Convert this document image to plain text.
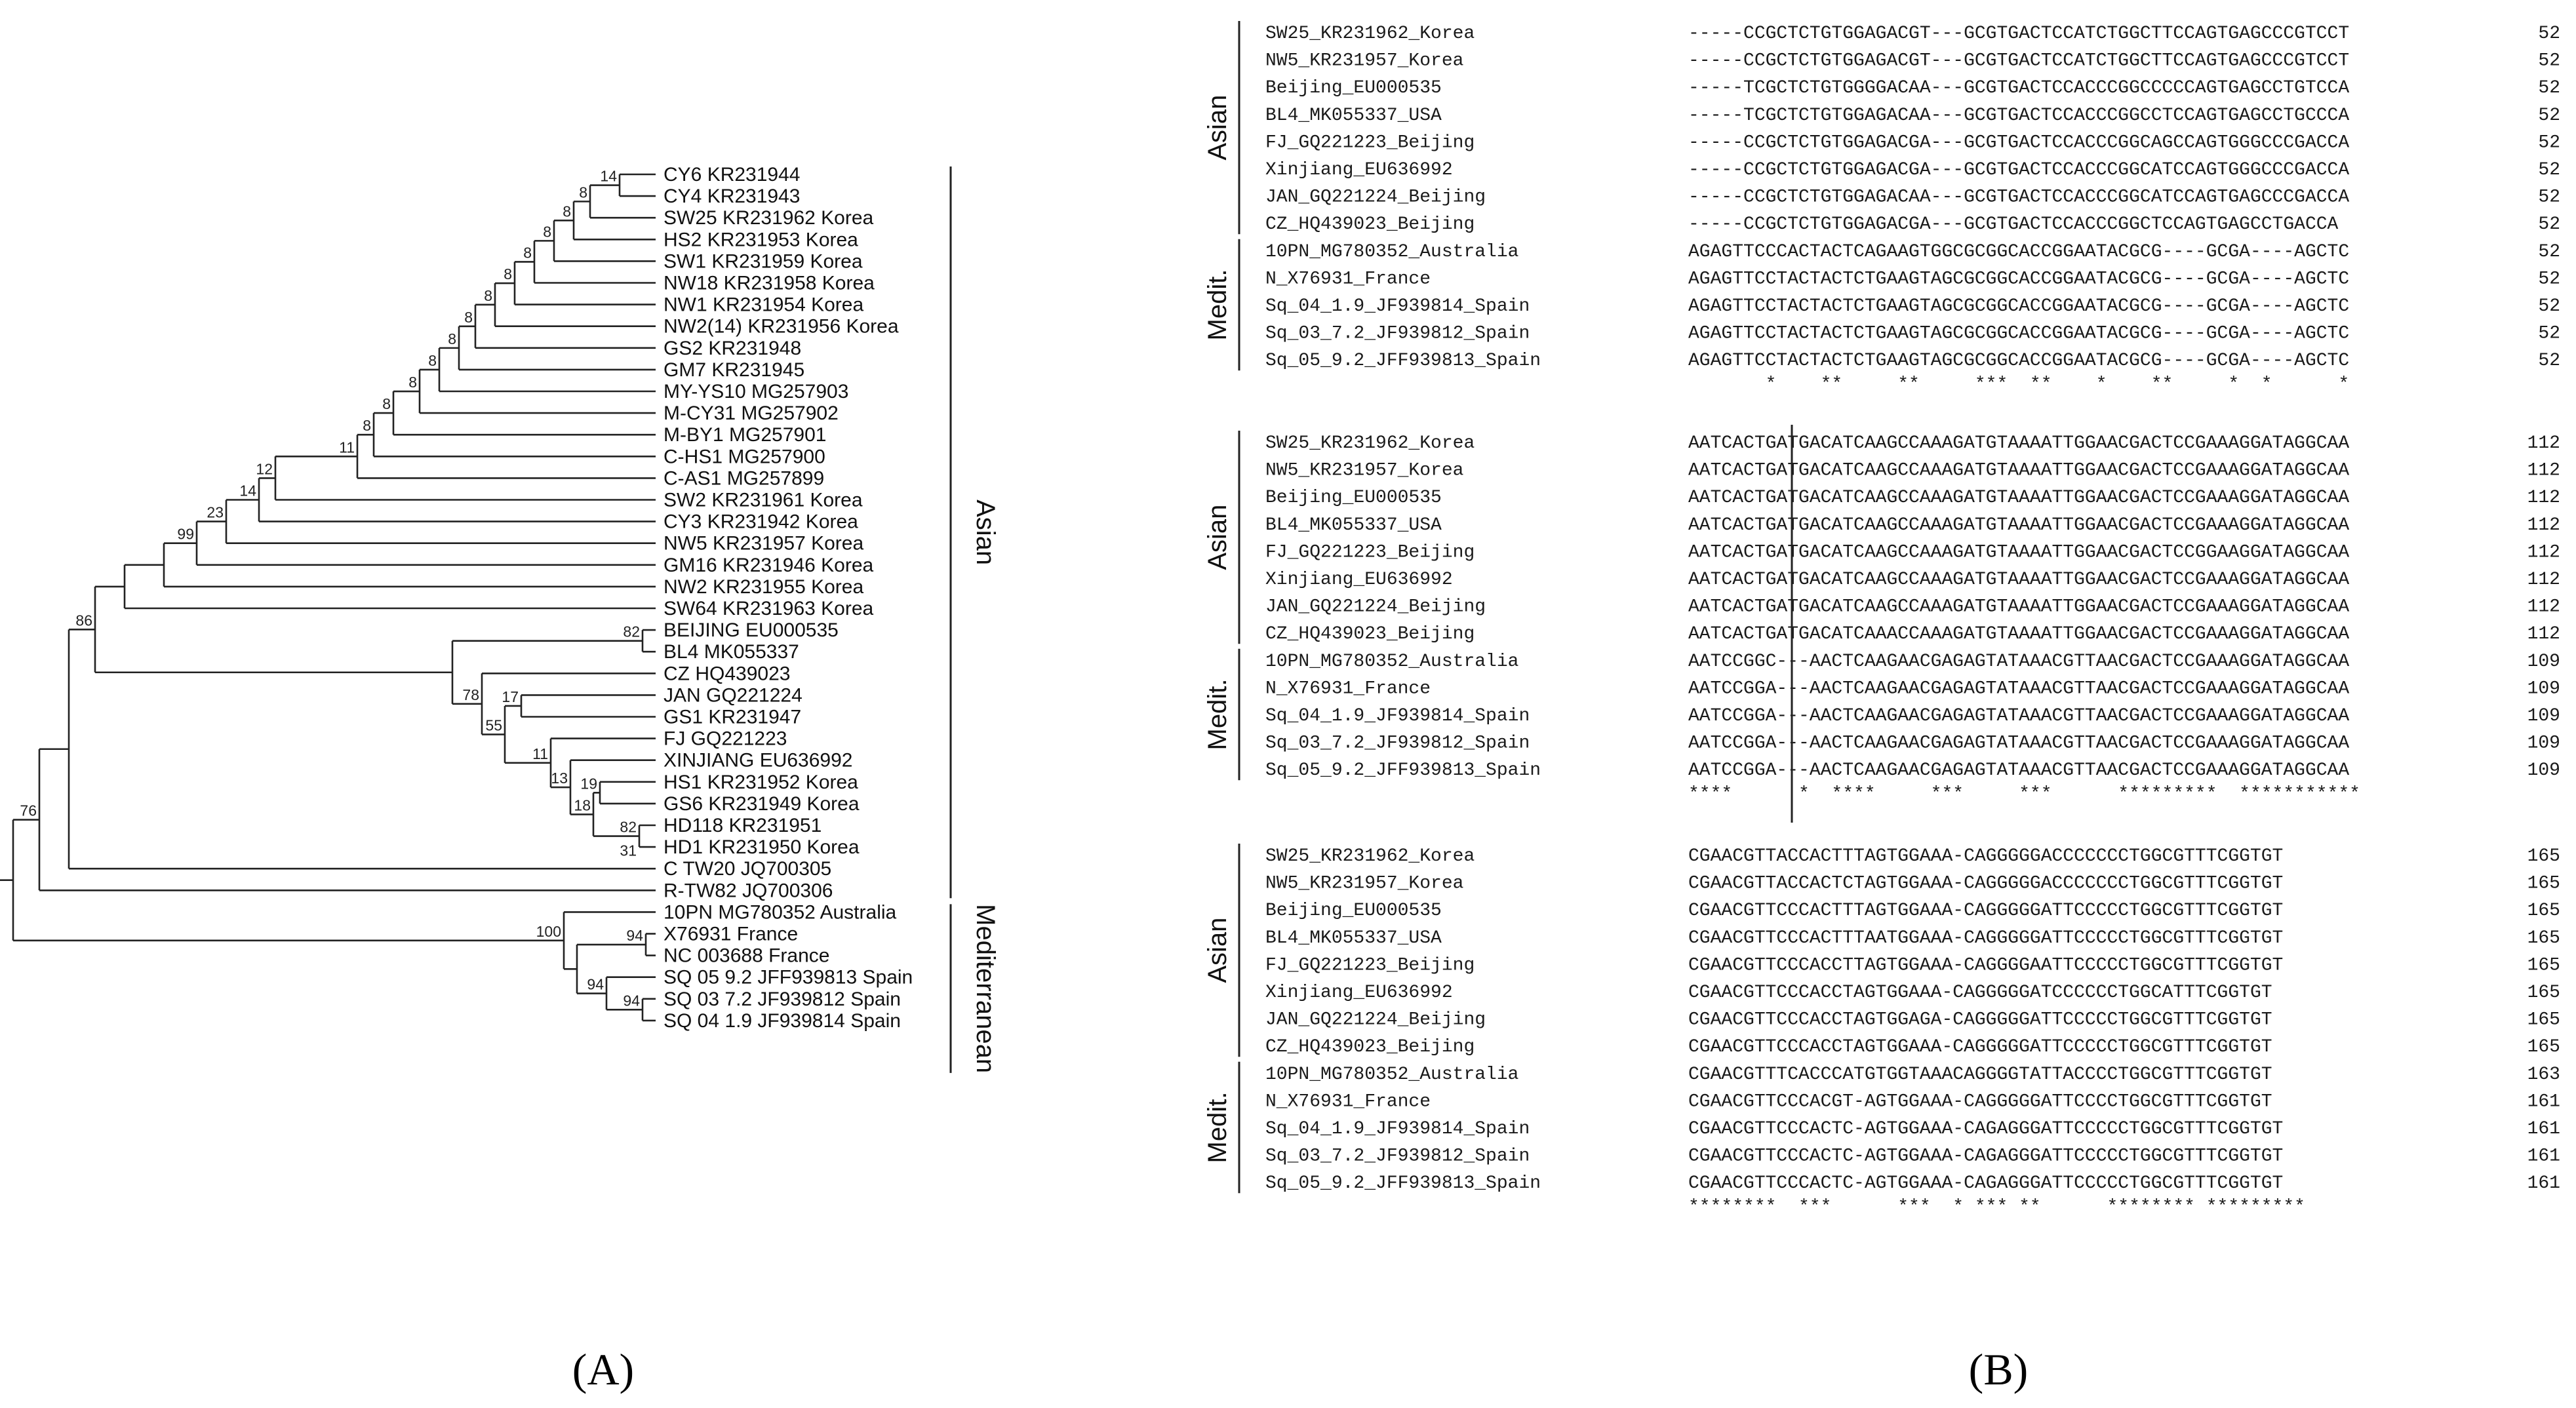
CY6 KR231944
CY4 KR231943
SW25 KR231962 Korea
HS2 KR231953 Korea
SW1 KR231959 Korea
NW18 KR231958 Korea
NW1 KR231954 Korea
NW2(14) KR231956 Korea
GS2 KR231948
GM7 KR231945
MY-YS10 MG257903
M-CY31 MG257902
M-BY1 MG257901
C-HS1 MG257900
C-AS1 MG257899
SW2 KR231961 Korea
CY3 KR231942 Korea
NW5 KR231957 Korea
GM16 KR231946 Korea
NW2 KR231955 Korea
SW64 KR231963 Korea
BEIJING EU000535
BL4 MK055337
CZ HQ439023
JAN GQ221224
GS1 KR231947
FJ GQ221223
XINJIANG EU636992
HS1 KR231952 Korea
GS6 KR231949 Korea
HD118 KR231951
HD1 KR231950 Korea
C TW20 JQ700305
R-TW82 JQ700306
10PN MG780352 Australia
X76931 France
NC 003688 France
SQ 05 9.2 JFF939813 Spain
SQ 03 7.2 JF939812 Spain
SQ 04 1.9 JF939814 Spain
14
8
8
8
8
8
8
8
8
8
8
8
8
11
12
14
23
99
82
78
55
17
11
13
18
19
31
82
86
76
94
100
94
94
Asian
Mediterranean
(A)
SW25_KR231962_Korea	-----CCGCTCTGTGGAGACGT---GCGTGACTCCATCTGGCTTCCAGTGAGCCCGTCCT	52
NW5_KR231957_Korea	-----CCGCTCTGTGGAGACGT---GCGTGACTCCATCTGGCTTCCAGTGAGCCCGTCCT	52
Beijing_EU000535	-----TCGCTCTGTGGGGACAA---GCGTGACTCCACCCGGCCCCCAGTGAGCCTGTCCA	52
BL4_MK055337_USA	-----TCGCTCTGTGGAGACAA---GCGTGACTCCACCCGGCCTCCAGTGAGCCTGCCCA	52
FJ_GQ221223_Beijing	-----CCGCTCTGTGGAGACGA---GCGTGACTCCACCCGGCAGCCAGTGGGCCCGACCA	52
Xinjiang_EU636992	-----CCGCTCTGTGGAGACGA---GCGTGACTCCACCCGGCATCCAGTGGGCCCGACCA	52
JAN_GQ221224_Beijing	-----CCGCTCTGTGGAGACAA---GCGTGACTCCACCCGGCATCCAGTGAGCCCGACCA	52
CZ_HQ439023_Beijing	-----CCGCTCTGTGGAGACGA---GCGTGACTCCACCCGGCTCCAGTGAGCCTGACCA	52
10PN_MG780352_Australia	AGAGTTCCCACTACTCAGAAGTGGCGCGGCACCGGAATACGCG----GCGA----AGCTC	52
N_X76931_France	AGAGTTCCTACTACTCTGAAGTAGCGCGGCACCGGAATACGCG----GCGA----AGCTC	52
Sq_04_1.9_JF939814_Spain	AGAGTTCCTACTACTCTGAAGTAGCGCGGCACCGGAATACGCG----GCGA----AGCTC	52
Sq_03_7.2_JF939812_Spain	AGAGTTCCTACTACTCTGAAGTAGCGCGGCACCGGAATACGCG----GCGA----AGCTC	52
Sq_05_9.2_JFF939813_Spain	AGAGTTCCTACTACTCTGAAGTAGCGCGGCACCGGAATACGCG----GCGA----AGCTC	52
*    **     **     ***  **    *    **     *  *      *
Asian
Medit.
SW25_KR231962_Korea	AATCACTGATGACATCAAGCCAAAGATGTAAAATTGGAACGACTCCGAAAGGATAGGCAA	112
NW5_KR231957_Korea	AATCACTGATGACATCAAGCCAAAGATGTAAAATTGGAACGACTCCGAAAGGATAGGCAA	112
Beijing_EU000535	AATCACTGATGACATCAAGCCAAAGATGTAAAATTGGAACGACTCCGAAAGGATAGGCAA	112
BL4_MK055337_USA	AATCACTGATGACATCAAGCCAAAGATGTAAAATTGGAACGACTCCGAAAGGATAGGCAA	112
FJ_GQ221223_Beijing	AATCACTGATGACATCAAGCCAAAGATGTAAAATTGGAACGACTCCGGAAGGATAGGCAA	112
Xinjiang_EU636992	AATCACTGATGACATCAAGCCAAAGATGTAAAATTGGAACGACTCCGAAAGGATAGGCAA	112
JAN_GQ221224_Beijing	AATCACTGATGACATCAAGCCAAAGATGTAAAATTGGAACGACTCCGAAAGGATAGGCAA	112
CZ_HQ439023_Beijing	AATCACTGATGACATCAAACCAAAGATGTAAAATTGGAACGACTCCGAAAGGATAGGCAA	112
10PN_MG780352_Australia	AATCCGGC---AACTCAAGAACGAGAGTATAAACGTTAACGACTCCGAAAGGATAGGCAA	109
N_X76931_France	AATCCGGA---AACTCAAGAACGAGAGTATAAACGTTAACGACTCCGAAAGGATAGGCAA	109
Sq_04_1.9_JF939814_Spain	AATCCGGA---AACTCAAGAACGAGAGTATAAACGTTAACGACTCCGAAAGGATAGGCAA	109
Sq_03_7.2_JF939812_Spain	AATCCGGA---AACTCAAGAACGAGAGTATAAACGTTAACGACTCCGAAAGGATAGGCAA	109
Sq_05_9.2_JFF939813_Spain	AATCCGGA---AACTCAAGAACGAGAGTATAAACGTTAACGACTCCGAAAGGATAGGCAA	109
****      *  ****     ***     ***      *********  ***********
Asian
Medit.
SW25_KR231962_Korea	CGAACGTTACCACTTTAGTGGAAA-CAGGGGGACCCCCCCTGGCGTTTCGGTGT	165
NW5_KR231957_Korea	CGAACGTTACCACTCTAGTGGAAA-CAGGGGGACCCCCCCTGGCGTTTCGGTGT	165
Beijing_EU000535	CGAACGTTCCCACTTTAGTGGAAA-CAGGGGGATTCCCCCTGGCGTTTCGGTGT	165
BL4_MK055337_USA	CGAACGTTCCCACTTTAATGGAAA-CAGGGGGATTCCCCCTGGCGTTTCGGTGT	165
FJ_GQ221223_Beijing	CGAACGTTCCCACCTTAGTGGAAA-CAGGGGAATTCCCCCTGGCGTTTCGGTGT	165
Xinjiang_EU636992	CGAACGTTCCCACCTAGTGGAAA-CAGGGGGATCCCCCCTGGCATTTCGGTGT	165
JAN_GQ221224_Beijing	CGAACGTTCCCACCTAGTGGAGA-CAGGGGGATTCCCCCTGGCGTTTCGGTGT	165
CZ_HQ439023_Beijing	CGAACGTTCCCACCTAGTGGAAA-CAGGGGGATTCCCCCTGGCGTTTCGGTGT	165
10PN_MG780352_Australia	CGAACGTTTCACCCATGTGGTAAACAGGGGTATTACCCCTGGCGTTTCGGTGT	163
N_X76931_France	CGAACGTTCCCACGT-AGTGGAAA-CAGGGGGATTCCCCTGGCGTTTCGGTGT	161
Sq_04_1.9_JF939814_Spain	CGAACGTTCCCACTC-AGTGGAAA-CAGAGGGATTCCCCCTGGCGTTTCGGTGT	161
Sq_03_7.2_JF939812_Spain	CGAACGTTCCCACTC-AGTGGAAA-CAGAGGGATTCCCCCTGGCGTTTCGGTGT	161
Sq_05_9.2_JFF939813_Spain	CGAACGTTCCCACTC-AGTGGAAA-CAGAGGGATTCCCCCTGGCGTTTCGGTGT	161
********  ***      ***  * *** **      ******** *********
Asian
Medit.
(B)
